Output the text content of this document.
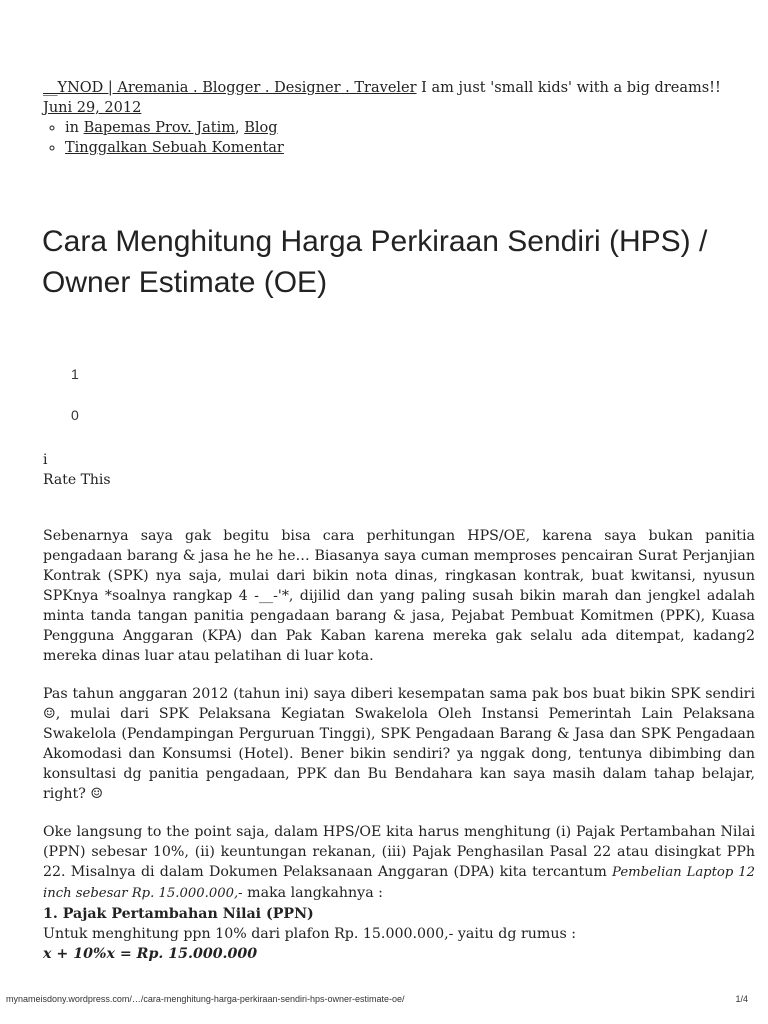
__YNOD | Aremania . Blogger . Designer . Traveler I am just 'small kids' with a big dreams!!
Juni 29, 2012
◦ in Bapemas Prov. Jatim, Blog
◦ Tinggalkan Sebuah Komentar
Cara Menghitung Harga Perkiraan Sendiri (HPS) / Owner Estimate (OE)
1
0
i
Rate This

Sebenarnya saya gak begitu bisa cara perhitungan HPS/OE, karena saya bukan panitia pengadaan barang & jasa he he he… Biasanya saya cuman memproses pencairan Surat Perjanjian Kontrak (SPK) nya saja, mulai dari bikin nota dinas, ringkasan kontrak, buat kwitansi, nyusun SPKnya *soalnya rangkap 4 -__-'*, dijilid dan yang paling susah bikin marah dan jengkel adalah minta tanda tangan panitia pengadaan barang & jasa, Pejabat Pembuat Komitmen (PPK), Kuasa Pengguna Anggaran (KPA) dan Pak Kaban karena mereka gak selalu ada ditempat, kadang2 mereka dinas luar atau pelatihan di luar kota.

Pas tahun anggaran 2012 (tahun ini) saya diberi kesempatan sama pak bos buat bikin SPK sendiri ☺, mulai dari SPK Pelaksana Kegiatan Swakelola Oleh Instansi Pemerintah Lain Pelaksana Swakelola (Pendampingan Perguruan Tinggi), SPK Pengadaan Barang & Jasa dan SPK Pengadaan Akomodasi dan Konsumsi (Hotel). Bener bikin sendiri? ya nggak dong, tentunya dibimbing dan konsultasi dg panitia pengadaan, PPK dan Bu Bendahara kan saya masih dalam tahap belajar, right? ☺

Oke langsung to the point saja, dalam HPS/OE kita harus menghitung (i) Pajak Pertambahan Nilai (PPN) sebesar 10%, (ii) keuntungan rekanan, (iii) Pajak Penghasilan Pasal 22 atau disingkat PPh 22. Misalnya di dalam Dokumen Pelaksanaan Anggaran (DPA) kita tercantum Pembelian Laptop 12 inch sebesar Rp. 15.000.000,- maka langkahnya :

1. Pajak Pertambahan Nilai (PPN)

Untuk menghitung ppn 10% dari plafon Rp. 15.000.000,- yaitu dg rumus :

x + 10%x = Rp. 15.000.000

mynameisdony.wordpress.com/…/cara-menghitung-harga-perkiraan-sendiri-hps-owner-estimate-oe/	1/4
